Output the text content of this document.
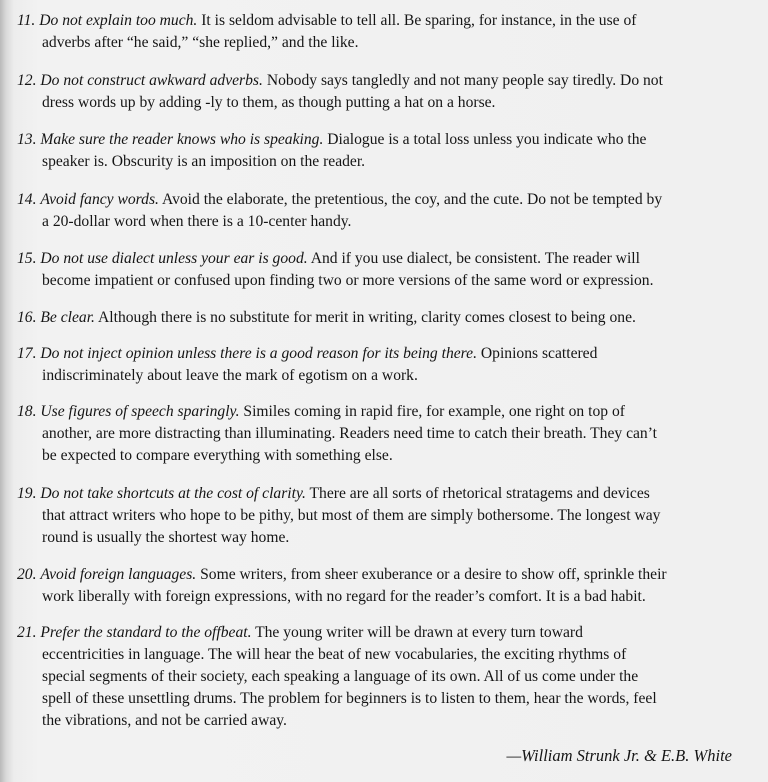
11. Do not explain too much. It is seldom advisable to tell all. Be sparing, for instance, in the use of
adverbs after “he said,” “she replied,” and the like.
12. Do not construct awkward adverbs. Nobody says tangledly and not many people say tiredly. Do not
dress words up by adding -ly to them, as though putting a hat on a horse.
13. Make sure the reader knows who is speaking. Dialogue is a total loss unless you indicate who the
speaker is. Obscurity is an imposition on the reader.
14. Avoid fancy words. Avoid the elaborate, the pretentious, the coy, and the cute. Do not be tempted by
a 20-dollar word when there is a 10-center handy.
15. Do not use dialect unless your ear is good. And if you use dialect, be consistent. The reader will
become impatient or confused upon finding two or more versions of the same word or expression.
16. Be clear. Although there is no substitute for merit in writing, clarity comes closest to being one.
17. Do not inject opinion unless there is a good reason for its being there. Opinions scattered
indiscriminately about leave the mark of egotism on a work.
18. Use figures of speech sparingly. Similes coming in rapid fire, for example, one right on top of
another, are more distracting than illuminating. Readers need time to catch their breath. They can’t
be expected to compare everything with something else.
19. Do not take shortcuts at the cost of clarity. There are all sorts of rhetorical stratagems and devices
that attract writers who hope to be pithy, but most of them are simply bothersome. The longest way
round is usually the shortest way home.
20. Avoid foreign languages. Some writers, from sheer exuberance or a desire to show off, sprinkle their
work liberally with foreign expressions, with no regard for the reader’s comfort. It is a bad habit.
21. Prefer the standard to the offbeat. The young writer will be drawn at every turn toward
eccentricities in language. The will hear the beat of new vocabularies, the exciting rhythms of
special segments of their society, each speaking a language of its own. All of us come under the
spell of these unsettling drums. The problem for beginners is to listen to them, hear the words, feel
the vibrations, and not be carried away.
—William Strunk Jr. & E.B. White
